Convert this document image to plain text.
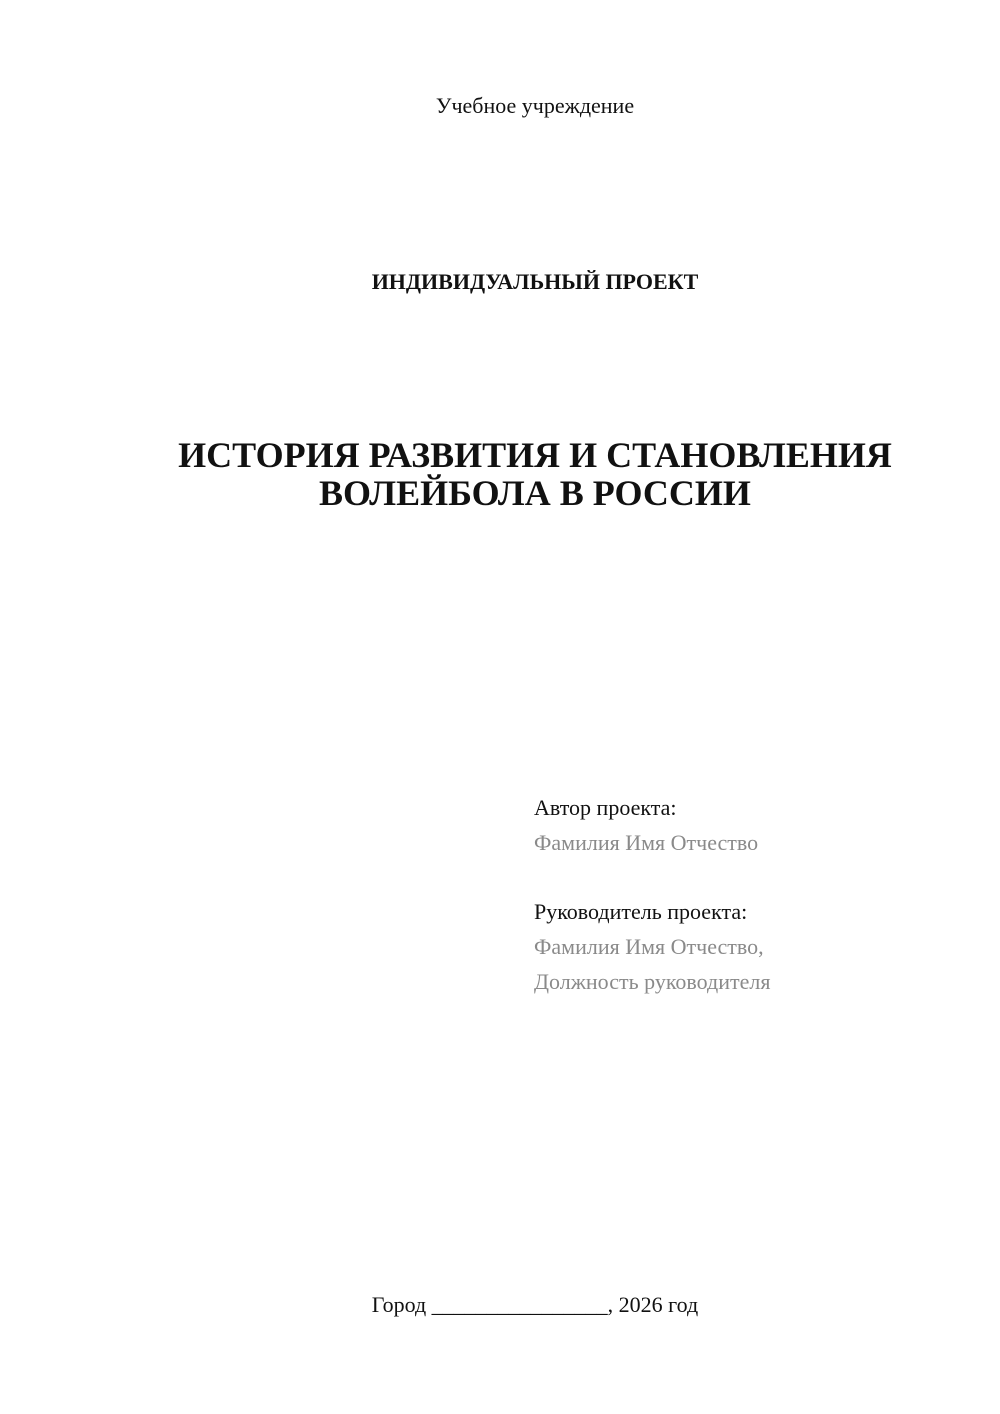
Учебное учреждение
ИНДИВИДУАЛЬНЫЙ ПРОЕКТ
ИСТОРИЯ РАЗВИТИЯ И СТАНОВЛЕНИЯ
ВОЛЕЙБОЛА В РОССИИ
Автор проекта:
Фамилия Имя Отчество
Руководитель проекта:
Фамилия Имя Отчество,
Должность руководителя
Город ________________, 2026 год
